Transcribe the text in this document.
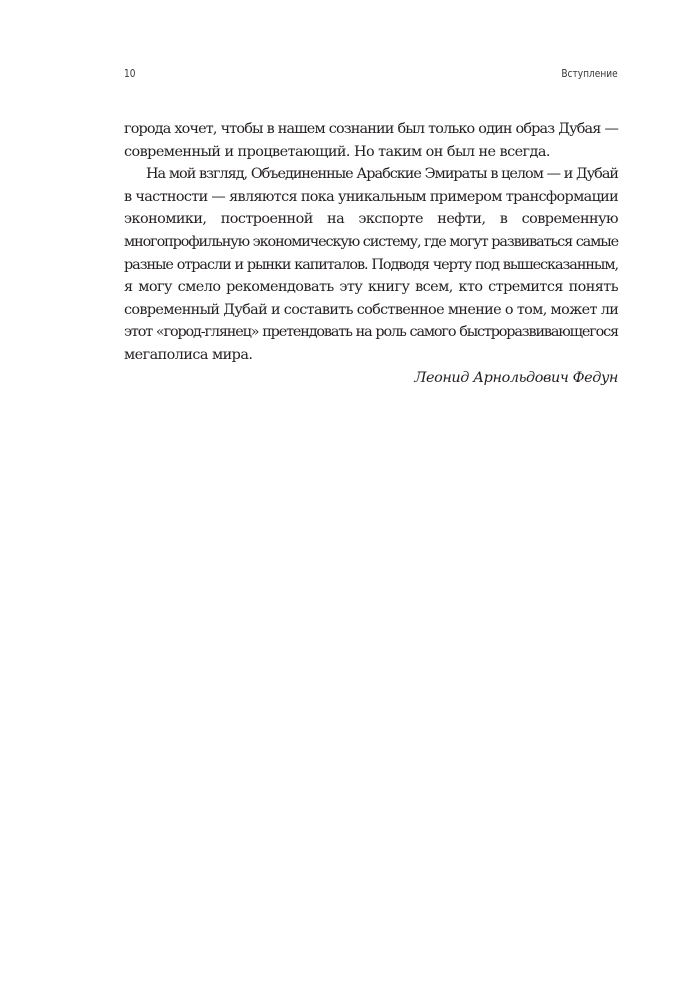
10	Вступление

города хочет, чтобы в нашем сознании был только один образ Дубая —
современный и процветающий. Но таким он был не всегда.

На мой взгляд, Объединенные Арабские Эмираты в целом — и Дубай
в частности — являются пока уникальным примером трансформации
экономики, построенной на экспорте нефти, в современную
многопрофильную экономическую систему, где могут развиваться самые
разные отрасли и рынки капиталов. Подводя черту под вышесказанным,
я могу смело рекомендовать эту книгу всем, кто стремится понять
современный Дубай и составить собственное мнение о том, может ли
этот «город-глянец» претендовать на роль самого быстроразвивающегося
мегаполиса мира.

Леонид Арнольдович Федун
